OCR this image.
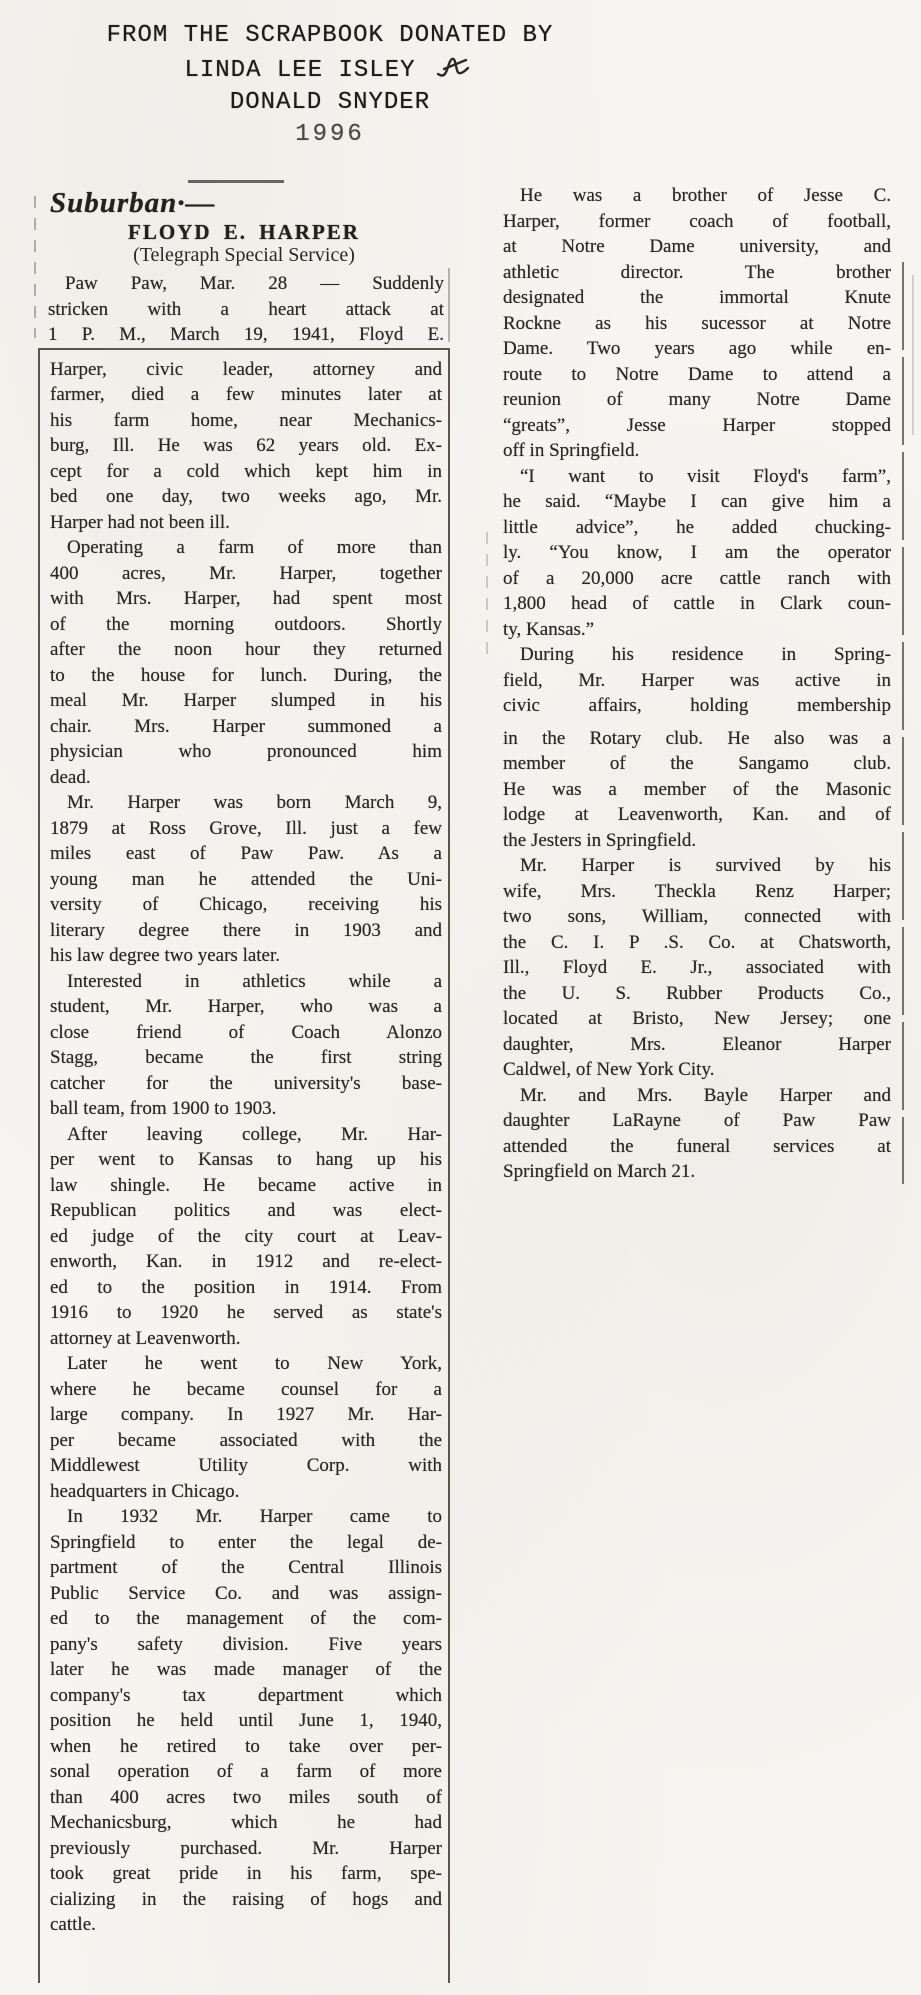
FROM THE SCRAPBOOK DONATED BY
LINDA LEE ISLEY
DONALD SNYDER
1996
Suburban·—
FLOYD E. HARPER
(Telegraph Special Service)
Paw Paw, Mar. 28 — Suddenly
stricken with a heart attack at
1 P. M., March 19, 1941, Floyd E.
Harper, civic leader, attorney and
farmer, died a few minutes later at
his farm home, near Mechanics-
burg, Ill. He was 62 years old. Ex-
cept for a cold which kept him in
bed one day, two weeks ago, Mr.
Harper had not been ill.
Operating a farm of more than
400 acres, Mr. Harper, together
with Mrs. Harper, had spent most
of the morning outdoors. Shortly
after the noon hour they returned
to the house for lunch. During, the
meal Mr. Harper slumped in his
chair. Mrs. Harper summoned a
physician who pronounced him
dead.
Mr. Harper was born March 9,
1879 at Ross Grove, Ill. just a few
miles east of Paw Paw. As a
young man he attended the Uni-
versity of Chicago, receiving his
literary degree there in 1903 and
his law degree two years later.
Interested in athletics while a
student, Mr. Harper, who was a
close friend of Coach Alonzo
Stagg, became the first string
catcher for the university's base-
ball team, from 1900 to 1903.
After leaving college, Mr. Har-
per went to Kansas to hang up his
law shingle. He became active in
Republican politics and was elect-
ed judge of the city court at Leav-
enworth, Kan. in 1912 and re-elect-
ed to the position in 1914. From
1916 to 1920 he served as state's
attorney at Leavenworth.
Later he went to New York,
where he became counsel for a
large company. In 1927 Mr. Har-
per became associated with the
Middlewest Utility Corp. with
headquarters in Chicago.
In 1932 Mr. Harper came to
Springfield to enter the legal de-
partment of the Central Illinois
Public Service Co. and was assign-
ed to the management of the com-
pany's safety division. Five years
later he was made manager of the
company's tax department which
position he held until June 1, 1940,
when he retired to take over per-
sonal operation of a farm of more
than 400 acres two miles south of
Mechanicsburg, which he had
previously purchased. Mr. Harper
took great pride in his farm, spe-
cializing in the raising of hogs and
cattle.
He was a brother of Jesse C.
Harper, former coach of football,
at Notre Dame university, and
athletic director. The brother
designated the immortal Knute
Rockne as his sucessor at Notre
Dame. Two years ago while en-
route to Notre Dame to attend a
reunion of many Notre Dame
“greats”, Jesse Harper stopped
off in Springfield.
“I want to visit Floyd's farm”,
he said. “Maybe I can give him a
little advice”, he added chucking-
ly. “You know, I am the operator
of a 20,000 acre cattle ranch with
1,800 head of cattle in Clark coun-
ty, Kansas.”
During his residence in Spring-
field, Mr. Harper was active in
civic affairs, holding membership
in the Rotary club. He also was a
member of the Sangamo club.
He was a member of the Masonic
lodge at Leavenworth, Kan. and of
the Jesters in Springfield.
Mr. Harper is survived by his
wife, Mrs. Theckla Renz Harper;
two sons, William, connected with
the C. I. P .S. Co. at Chatsworth,
Ill., Floyd E. Jr., associated with
the U. S. Rubber Products Co.,
located at Bristo, New Jersey; one
daughter, Mrs. Eleanor Harper
Caldwel, of New York City.
Mr. and Mrs. Bayle Harper and
daughter LaRayne of Paw Paw
attended the funeral services at
Springfield on March 21.
